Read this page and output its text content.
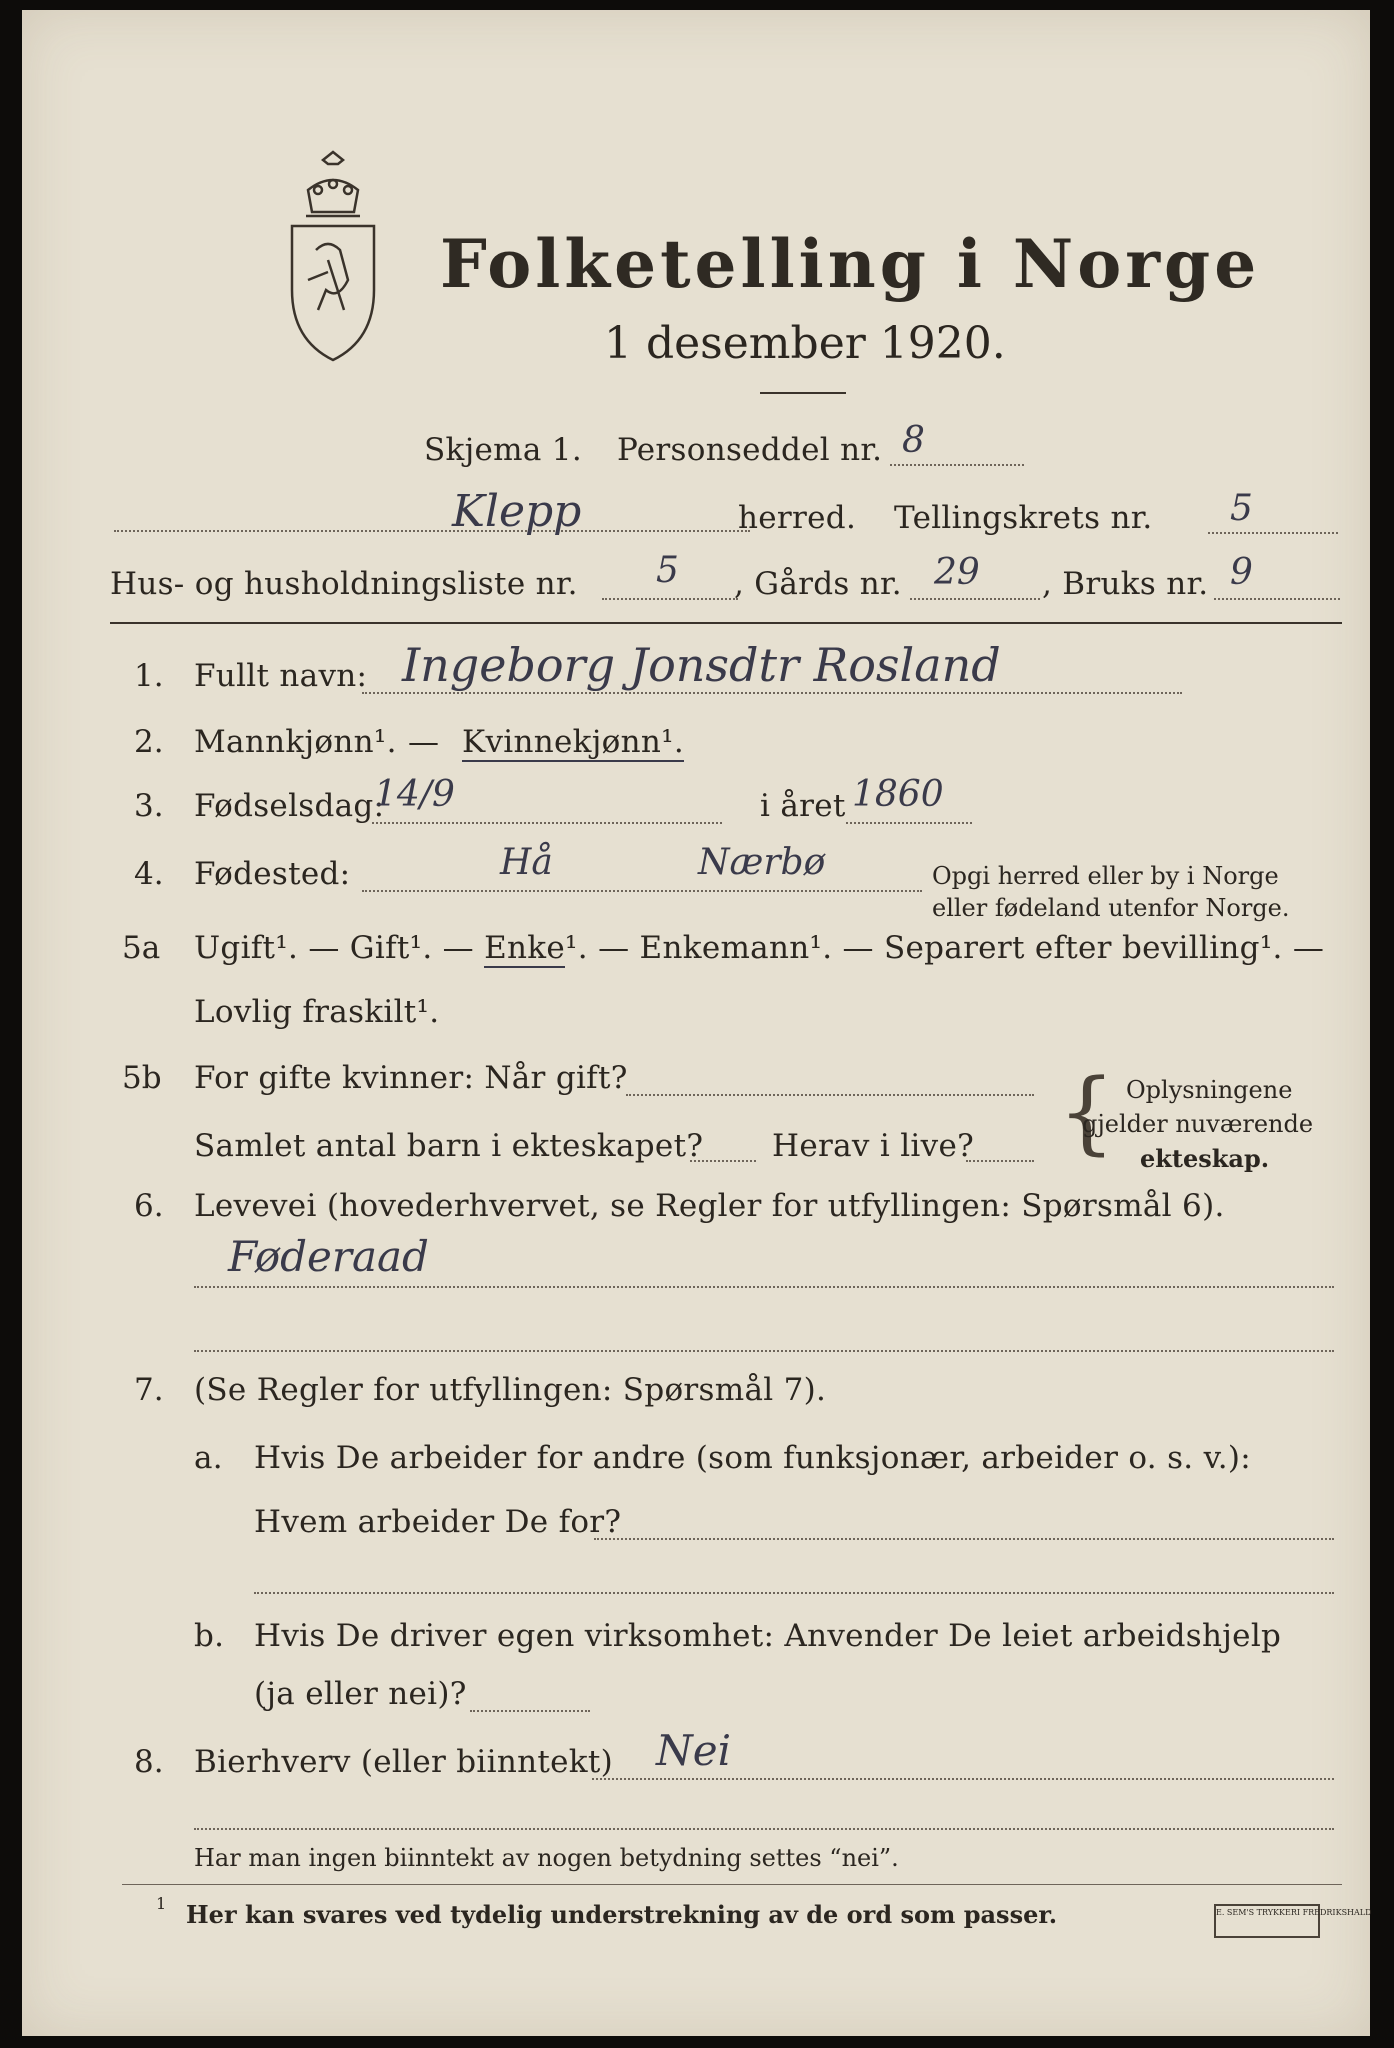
Folketelling i Norge
1 desember 1920.
Skjema 1. Personseddel nr. 8
Klepp	herred. Tellingskrets nr. 5
Hus- og husholdningsliste nr. 5 , Gårds nr. 29 , Bruks nr. 9
1. Fullt navn: Ingeborg Jonsdtr Rosland
2. Mannkjønn¹. — Kvinnekjønn¹.
3. Fødselsdag:
14/9	i året 1860
4. Fødested:	Hå	Nærbø	Opgi herred eller by i Norge
eller fødeland utenfor Norge.
5a Ugift¹. — Gift¹. — Enke¹. — Enkemann¹. — Separert efter bevilling¹. —
Lovlig fraskilt¹.
5b For gifte kvinner: Når gift?
Samlet antal barn i ekteskapet? Herav i live? { Oplysningene
gjelder nuværende
ekteskap.
6. Levevei (hovederhvervet, se Regler for utfyllingen: Spørsmål 6).
Føderaad
7. (Se Regler for utfyllingen: Spørsmål 7).
a. Hvis De arbeider for andre (som funksjonær, arbeider o. s. v.):
Hvem arbeider De for?
b. Hvis De driver egen virksomhet: Anvender De leiet arbeidshjelp
(ja eller nei)?
8. Bierhverv (eller biinntekt) Nei
Har man ingen biinntekt av nogen betydning settes “nei”.
1 Her kan svares ved tydelig understrekning av de ord som passer.	E. SEM'S TRYKKERI FREDRIKSHALD
